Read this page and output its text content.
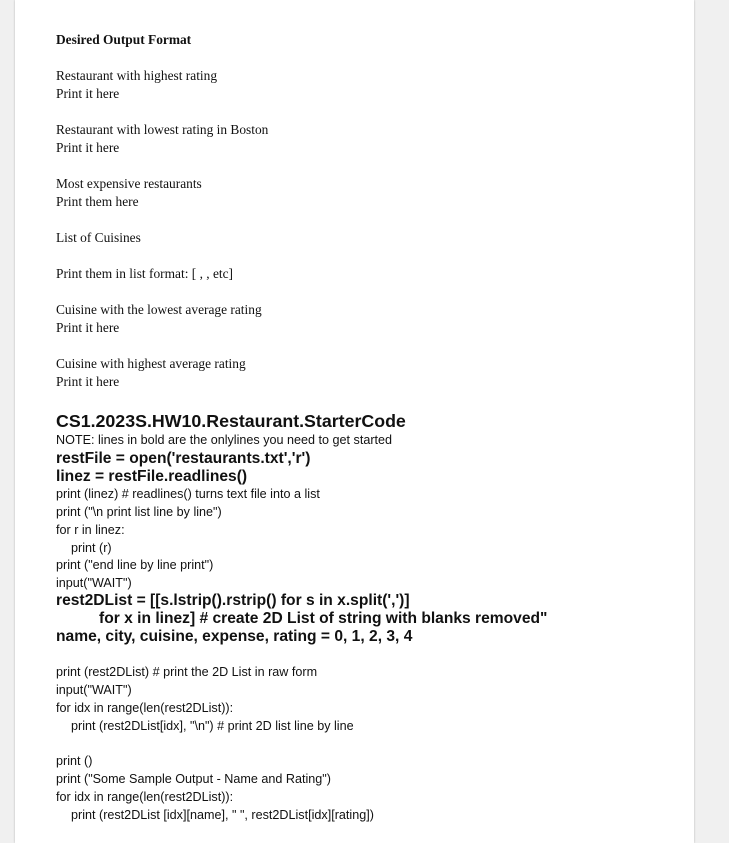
Desired Output Format
Restaurant with highest rating
Print it here
Restaurant with lowest rating in Boston
Print it here
Most expensive restaurants
Print them here
List of Cuisines
Print them in list format: [ , , etc]
Cuisine with the lowest average rating
Print it here
Cuisine with highest average rating
Print it here
CS1.2023S.HW10.Restaurant.StarterCode
NOTE: lines in bold are the onlylines you need to get started
restFile = open('restaurants.txt','r')
linez = restFile.readlines()
print (linez) # readlines() turns text file into a list
print ("\n print list line by line")
for r in linez:
print (r)
print ("end line by line print")
input("WAIT")
rest2DList = [[s.lstrip().rstrip() for s in x.split(',')]
for x in linez] # create 2D List of string with blanks removed"
name, city, cuisine, expense, rating = 0, 1, 2, 3, 4
print (rest2DList) # print the 2D List in raw form
input("WAIT")
for idx in range(len(rest2DList)):
print (rest2DList[idx], "\n") # print 2D list line by line
print ()
print ("Some Sample Output - Name and Rating")
for idx in range(len(rest2DList)):
print (rest2DList [idx][name], " ", rest2DList[idx][rating])
